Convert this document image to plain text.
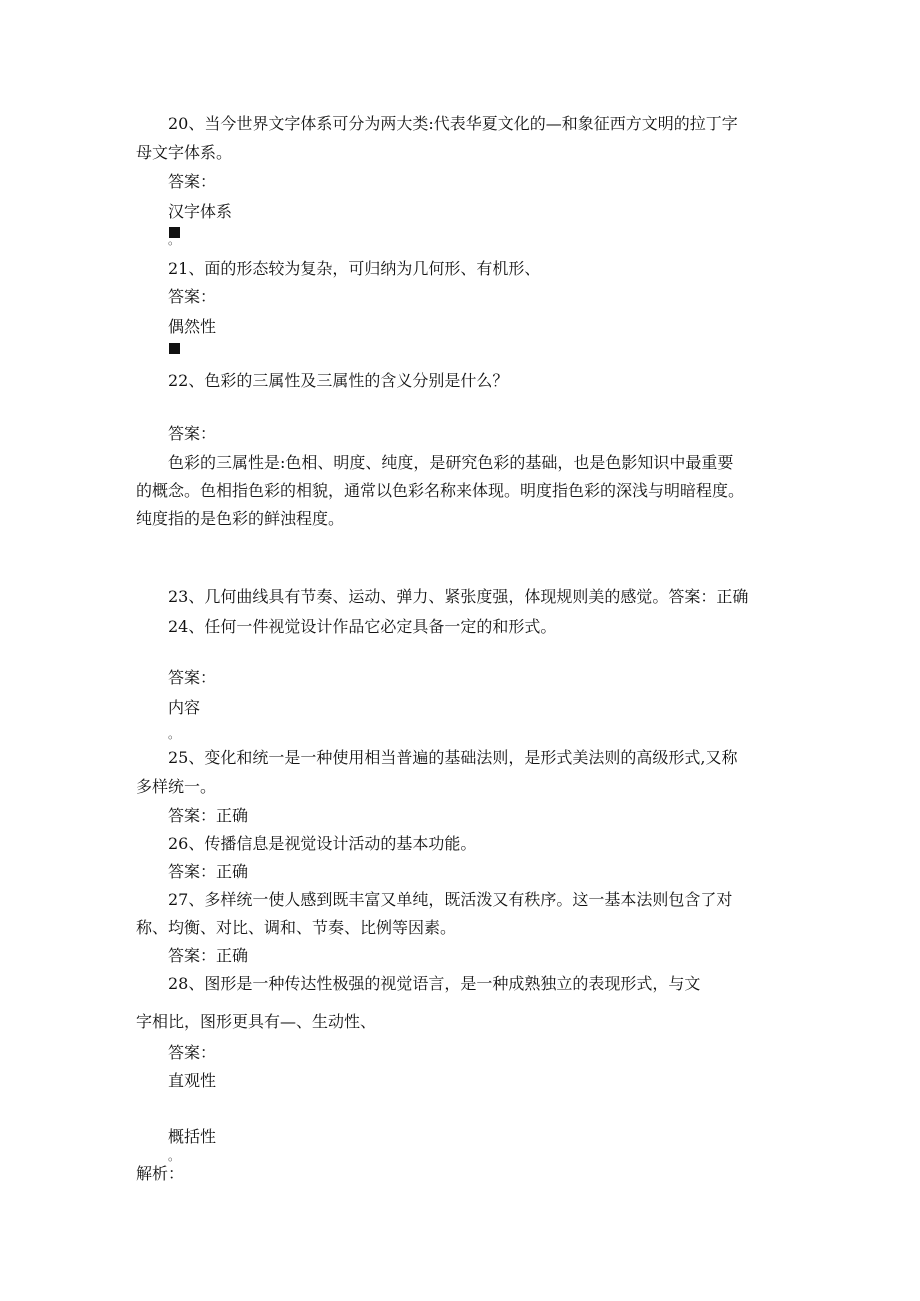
20、当今世界文字体系可分为两大类:代表华夏文化的—和象征西方文明的拉丁字
母文字体系。
答案：
汉字体系
。
21、面的形态较为复杂，可归纳为几何形、有机形、
答案：
偶然性
22、色彩的三属性及三属性的含义分别是什么？
答案：
色彩的三属性是:色相、明度、纯度，是研究色彩的基础，也是色影知识中最重要
的概念。色相指色彩的相貌，通常以色彩名称来体现。明度指色彩的深浅与明暗程度。
纯度指的是色彩的鲜浊程度。
23、几何曲线具有节奏、运动、弹力、紧张度强，体现规则美的感觉。答案：正确
24、任何一件视觉设计作品它必定具备一定的和形式。
答案：
内容
。
25、变化和统一是一种使用相当普遍的基础法则，是形式美法则的高级形式,又称
多样统一。
答案：正确
26、传播信息是视觉设计活动的基本功能。
答案：正确
27、多样统一使人感到既丰富又单纯，既活泼又有秩序。这一基本法则包含了对
称、均衡、对比、调和、节奏、比例等因素。
答案：正确
28、图形是一种传达性极强的视觉语言，是一种成熟独立的表现形式，与文
字相比，图形更具有—、生动性、
答案：
直观性
概括性
。
解析：
